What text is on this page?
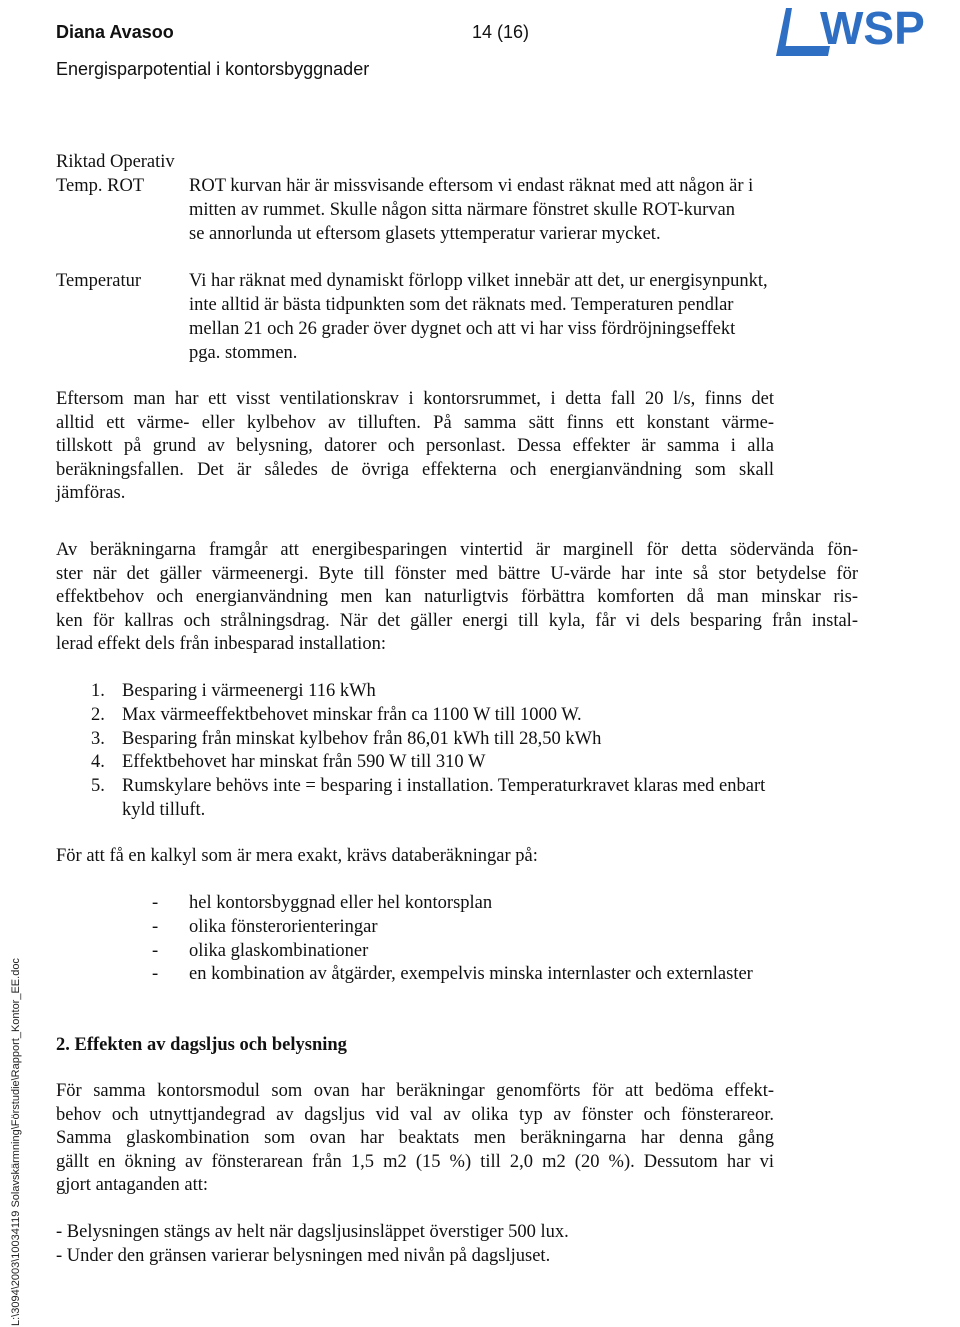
Diana Avasoo	14 (16)
Energisparpotential i kontorsbyggnader
WSP
Riktad Operativ
Temp. ROT ROT kurvan här är missvisande eftersom vi endast räknat med att någon är i
mitten av rummet. Skulle någon sitta närmare fönstret skulle ROT-kurvan
se annorlunda ut eftersom glasets yttemperatur varierar mycket.
Temperatur	Vi har räknat med dynamiskt förlopp vilket innebär att det, ur energisynpunkt,
inte alltid är bästa tidpunkten som det räknats med. Temperaturen pendlar
mellan 21 och 26 grader över dygnet och att vi har viss fördröjningseffekt
pga. stommen.
Eftersom man har ett visst ventilationskrav i kontorsrummet, i detta fall 20 l/s, finns det
alltid ett värme- eller kylbehov av tilluften. På samma sätt finns ett konstant värme-
tillskott på grund av belysning, datorer och personlast. Dessa effekter är samma i alla
beräkningsfallen. Det är således de övriga effekterna och energianvändning som skall
jämföras.
Av beräkningarna framgår att energibesparingen vintertid är marginell för detta södervända fön-
ster när det gäller värmeenergi. Byte till fönster med bättre U-värde har inte så stor betydelse för
effektbehov och energianvändning men kan naturligtvis förbättra komforten då man minskar ris-
ken för kallras och strålningsdrag. När det gäller energi till kyla, får vi dels besparing från instal-
lerad effekt dels från inbesparad installation:
1. Besparing i värmeenergi 116 kWh
2. Max värmeeffektbehovet minskar från ca 1100 W till 1000 W.
3. Besparing från minskat kylbehov från 86,01 kWh till 28,50 kWh
4. Effektbehovet har minskat från 590 W till 310 W
5. Rumskylare behövs inte = besparing i installation. Temperaturkravet klaras med enbart
kyld tilluft.
För att få en kalkyl som är mera exakt, krävs databeräkningar på:
- hel kontorsbyggnad eller hel kontorsplan
- olika fönsterorienteringar
- olika glaskombinationer
- en kombination av åtgärder, exempelvis minska internlaster och externlaster
2. Effekten av dagsljus och belysning
För samma kontorsmodul som ovan har beräkningar genomförts för att bedöma effekt-
behov och utnyttjandegrad av dagsljus vid val av olika typ av fönster och fönsterareor.
Samma glaskombination som ovan har beaktats men beräkningarna har denna gång
gällt en ökning av fönsterarean från 1,5 m2 (15 %) till 2,0 m2 (20 %). Dessutom har vi
gjort antaganden att:
- Belysningen stängs av helt när dagsljusinsläppet överstiger 500 lux.
- Under den gränsen varierar belysningen med nivån på dagsljuset.
L:\3094\2003\10034119 Solavskärmning\Förstudie\Rapport_Kontor_EE.doc
